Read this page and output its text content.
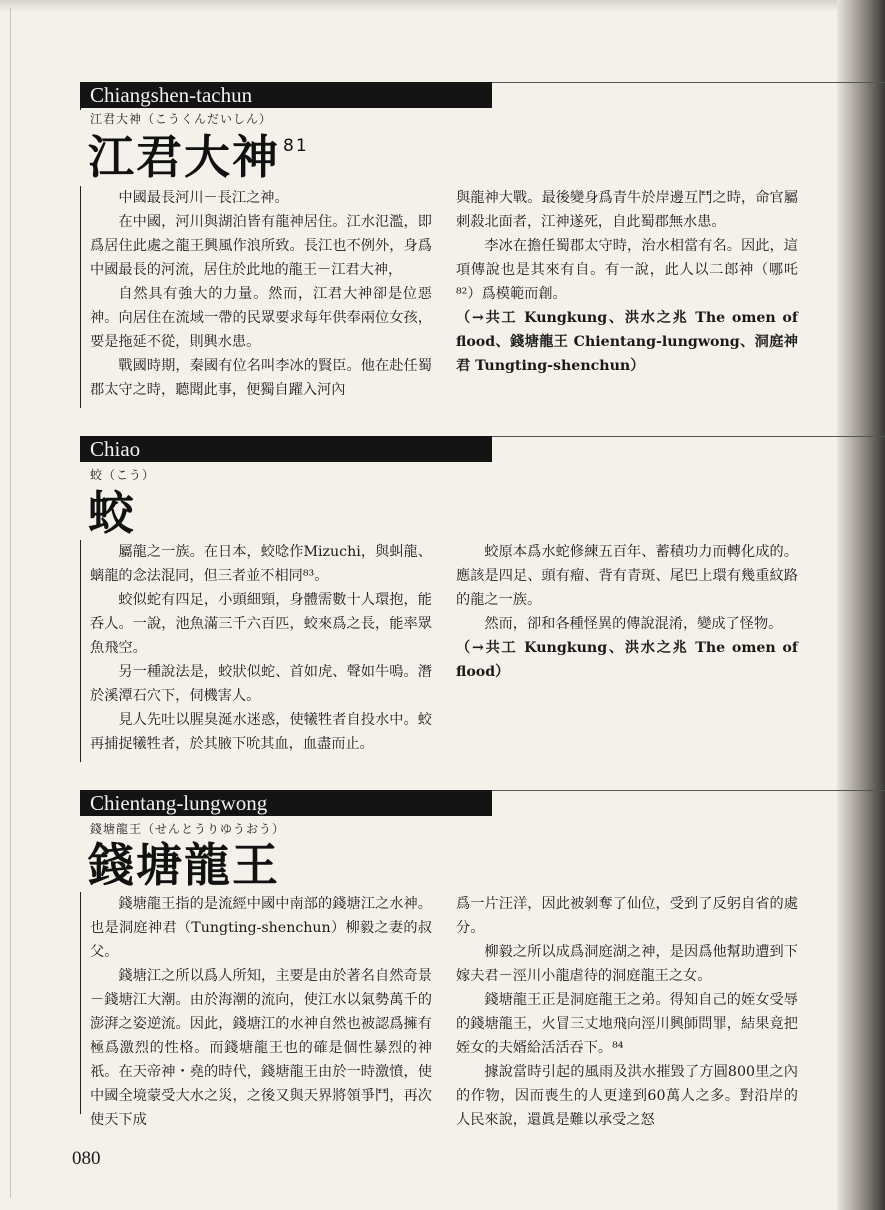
Chiangshen-tachun
江君大神（こうくんだいしん）
江君大神 $^{81}$

中國最長河川－長江之神。

在中國，河川與湖泊皆有龍神居住。江水氾濫，即爲居住此處之龍王興風作浪所致。長江也不例外，身爲中國最長的河流，居住於此地的龍王－江君大神，

自然具有強大的力量。然而，江君大神卻是位惡神。向居住在流域一帶的民眾要求每年供奉兩位女孩，要是拖延不從，則興水患。

戰國時期，秦國有位名叫李冰的賢臣。他在赴任蜀郡太守之時，聽聞此事，便獨自躍入河內

與龍神大戰。最後變身爲青牛於岸邊互鬥之時，命官屬刺殺北面者，江神遂死，自此蜀郡無水患。

李冰在擔任蜀郡太守時，治水相當有名。因此，這項傳說也是其來有自。有一說，此人以二郎神（哪吒⁸²）爲模範而創。

（→共工 Kungkung、洪水之兆 The omen of flood、錢塘龍王 Chientang-lungwong、洞庭神君 Tungting-shenchun）

Chiao
蛟（こう）
蛟

屬龍之一族。在日本，蛟唸作Mizuchi，與虯龍、螭龍的念法混同，但三者並不相同⁸³。

蛟似蛇有四足，小頭細頸，身體需數十人環抱，能呑人。一說，池魚滿三千六百匹，蛟來爲之長，能率眾魚飛空。

另一種說法是，蛟狀似蛇、首如虎、聲如牛鳴。潛於溪潭石穴下，伺機害人。

見人先吐以腥臭涎水迷惑，使犧牲者自投水中。蛟再捕捉犧牲者，於其腋下吮其血，血盡而止。

蛟原本爲水蛇修練五百年、蓄積功力而轉化成的。應該是四足、頭有瘤、背有青斑、尾巴上環有幾重紋路的龍之一族。

然而，卻和各種怪異的傳說混淆，變成了怪物。

（→共工 Kungkung、洪水之兆 The omen of flood）

Chientang-lungwong
錢塘龍王（せんとうりゆうおう）
錢塘龍王

錢塘龍王指的是流經中國中南部的錢塘江之水神。也是洞庭神君（Tungting-shenchun）柳毅之妻的叔父。

錢塘江之所以爲人所知，主要是由於著名自然奇景－錢塘江大潮。由於海潮的流向，使江水以氣勢萬千的澎湃之姿逆流。因此，錢塘江的水神自然也被認爲擁有極爲激烈的性格。而錢塘龍王也的確是個性暴烈的神祇。在天帝神・堯的時代，錢塘龍王由於一時激憤，使中國全境蒙受大水之災，之後又與天界將領爭鬥，再次使天下成

爲一片汪洋，因此被剝奪了仙位，受到了反躬自省的處分。

柳毅之所以成爲洞庭湖之神，是因爲他幫助遭到下嫁夫君－涇川小龍虐待的洞庭龍王之女。

錢塘龍王正是洞庭龍王之弟。得知自己的姪女受辱的錢塘龍王，火冒三丈地飛向涇川興師問罪，結果竟把姪女的夫婿給活活吞下。⁸⁴

據說當時引起的風雨及洪水摧毀了方圓800里之內的作物，因而喪生的人更達到60萬人之多。對沿岸的人民來說，還眞是難以承受之怒

080
